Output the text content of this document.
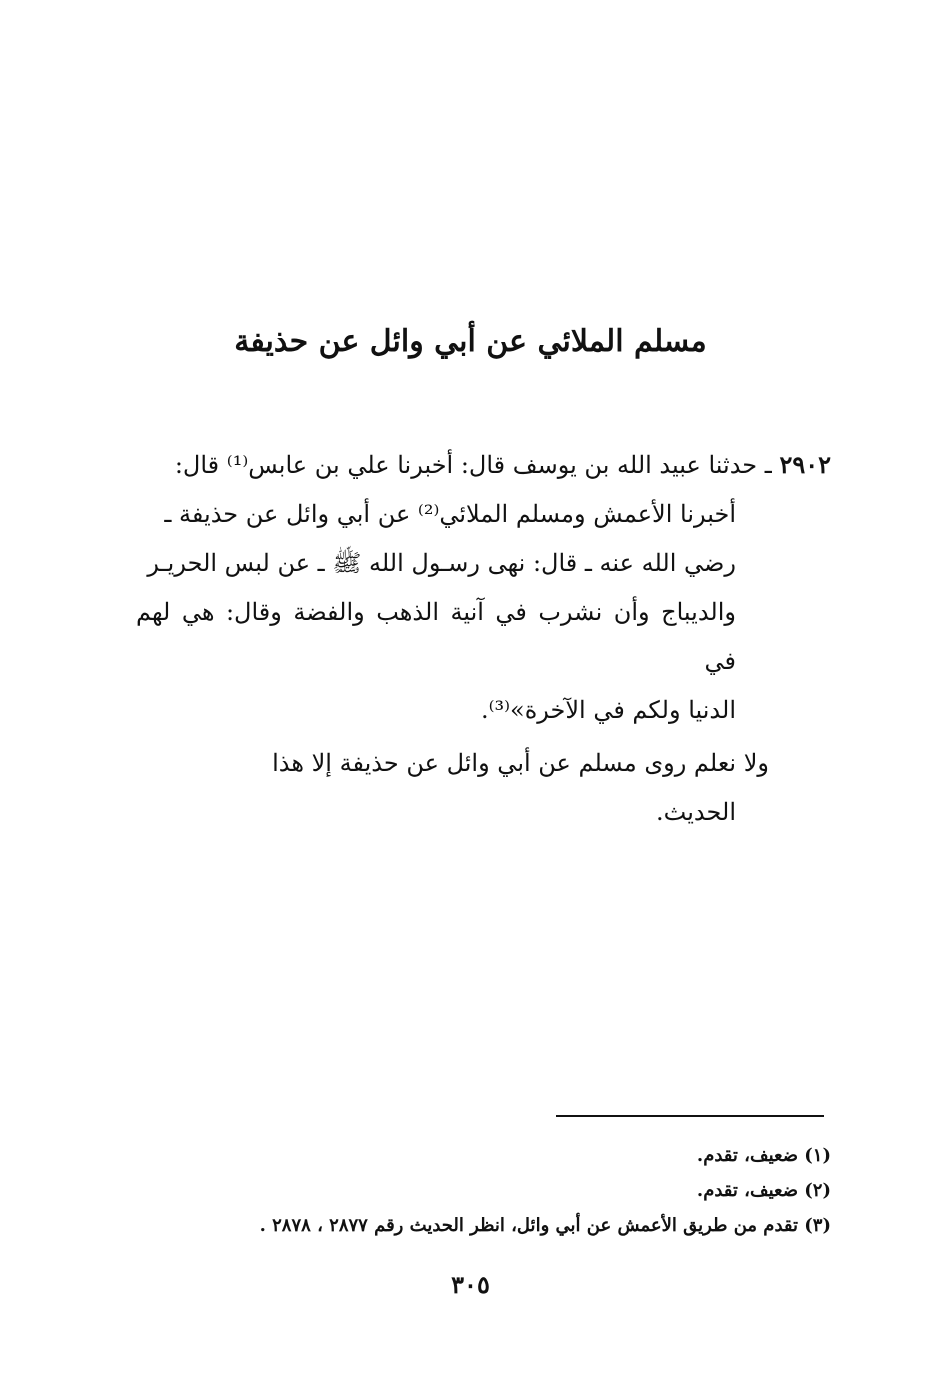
مسلم الملائي عن أبي وائل عن حذيفة

٢٩٠٢ ـ حدثنا عبيد الله بن يوسف قال: أخبرنا علي بن عابس⁽¹⁾ قال:
أخبرنا الأعمش ومسلم الملائي⁽²⁾ عن أبي وائل عن حذيفة ـ
رضي الله عنه ـ قال: نهى رسـول الله ﷺ ـ عن لبس الحريـر
والديباج وأن نشرب في آنية الذهب والفضة وقال: هي لهم في
الدنيا ولكم في الآخرة»⁽³⁾.

ولا نعلم روى مسلم عن أبي وائل عن حذيفة إلا هذا
الحديث.

(١) ضعيف، تقدم.
(٢) ضعيف، تقدم.
(٣) تقدم من طريق الأعمش عن أبي وائل، انظر الحديث رقم ٢٨٧٧ ، ٢٨٧٨ .
٣٠٥
